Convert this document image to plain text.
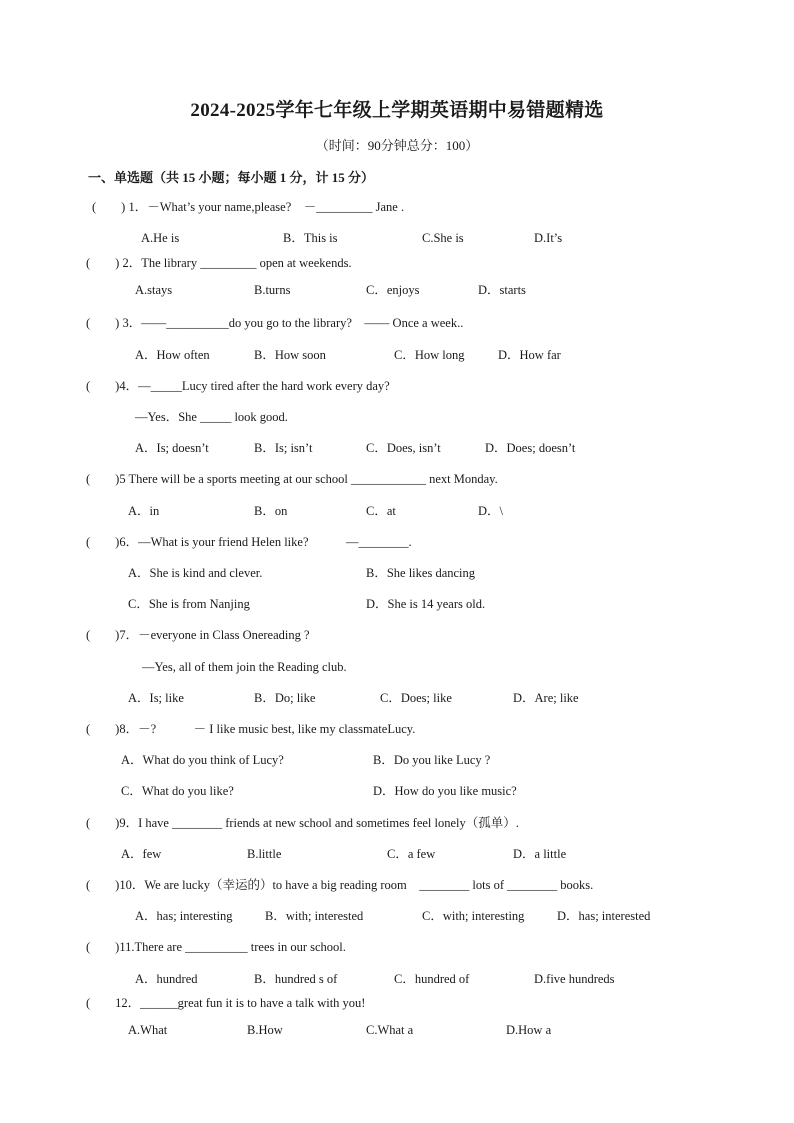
2024-2025学年七年级上学期英语期中易错题精选
（时间：90分钟总分：100）
一、单选题（共 15 小题；每小题 1 分，计 15 分）
(　　) 1．－What’s your name,please?　－_________ Jane .
A.He is	B．This is	C.She is	D.It’s
(　　) 2．The library _________ open at weekends.
A.stays	B.turns	C．enjoys	D．starts
(　　) 3．——__________do you go to the library?　—— Once a week..
A．How often	B．How soon	C．How long	D．How far
(　　)4．—_____Lucy tired after the hard work every day?
—Yes．She _____ look good.
A．Is; doesn’t	B．Is; isn’t	C．Does, isn’t	D．Does; doesn’t
(　　)5 There will be a sports meeting at our school ____________ next Monday.
A．in	B．on	C．at	D．\
(　　)6．—What is your friend Helen like?　　　—________.
A．She is kind and clever.	B．She likes dancing
C．She is from Nanjing	D．She is 14 years old.
(　　)7．－everyone in Class Onereading ?
—Yes, all of them join the Reading club.
A．Is; like	B．Do; like	C．Does; like	D．Are; like
(　　)8．－?　　　－ I like music best, like my classmateLucy.
A．What do you think of Lucy?	B．Do you like Lucy ?
C．What do you like?	D．How do you like music?
(　　)9．I have ________ friends at new school and sometimes feel lonely（孤单）.
A．few	B.little	C．a few	D．a little
(　　)10．We are lucky（幸运的）to have a big reading room　________ lots of ________ books.
A．has; interesting	B．with; interested	C．with; interesting	D．has; interested
(　　)11.There are __________ trees in our school.
A．hundred	B．hundred s of	C．hundred of	D.five hundreds
(　　12．______great fun it is to have a talk with you!
A.What	B.How	C.What a	D.How a
